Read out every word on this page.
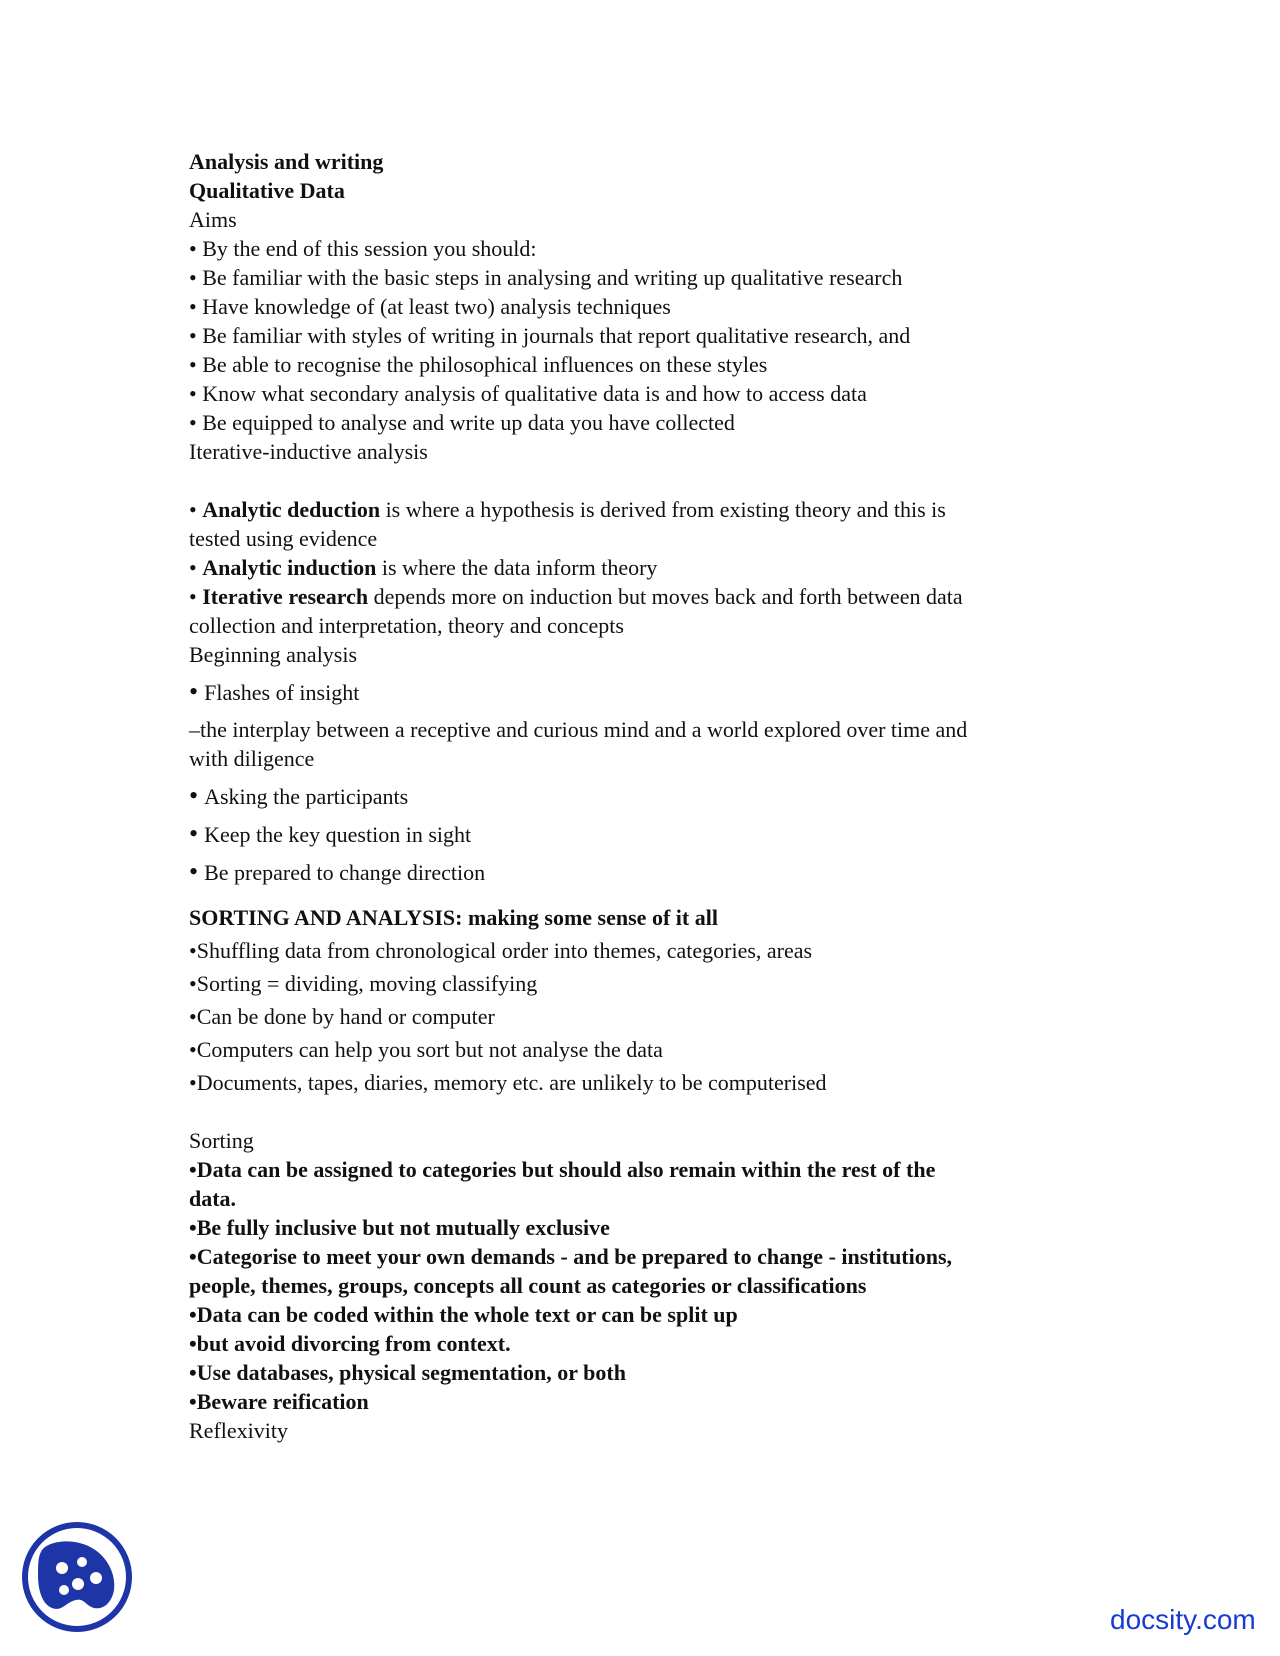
Analysis and writing
Qualitative Data
Aims
• By the end of this session you should:
• Be familiar with the basic steps in analysing and writing up qualitative research
• Have knowledge of (at least two) analysis techniques
• Be familiar with styles of writing in journals that report qualitative research, and
• Be able to recognise the philosophical influences on these styles
• Know what secondary analysis of qualitative data is and how to access data
• Be equipped to analyse and write up data you have collected
Iterative-inductive analysis
• Analytic deduction is where a hypothesis is derived from existing theory and this is
tested using evidence
• Analytic induction is where the data inform theory
• Iterative research depends more on induction but moves back and forth between data
collection and interpretation, theory and concepts
Beginning analysis
• Flashes of insight
–the interplay between a receptive and curious mind and a world explored over time and
with diligence
• Asking the participants
• Keep the key question in sight
• Be prepared to change direction
SORTING AND ANALYSIS: making some sense of it all
•Shuffling data from chronological order into themes, categories, areas
•Sorting = dividing, moving classifying
•Can be done by hand or computer
•Computers can help you sort but not analyse the data
•Documents, tapes, diaries, memory etc. are unlikely to be computerised
Sorting
•Data can be assigned to categories but should also remain within the rest of the
data.
•Be fully inclusive but not mutually exclusive
•Categorise to meet your own demands - and be prepared to change - institutions,
people, themes, groups, concepts all count as categories or classifications
•Data can be coded within the whole text or can be split up
•but avoid divorcing from context.
•Use databases, physical segmentation, or both
•Beware reification
Reflexivity
docsity.com
